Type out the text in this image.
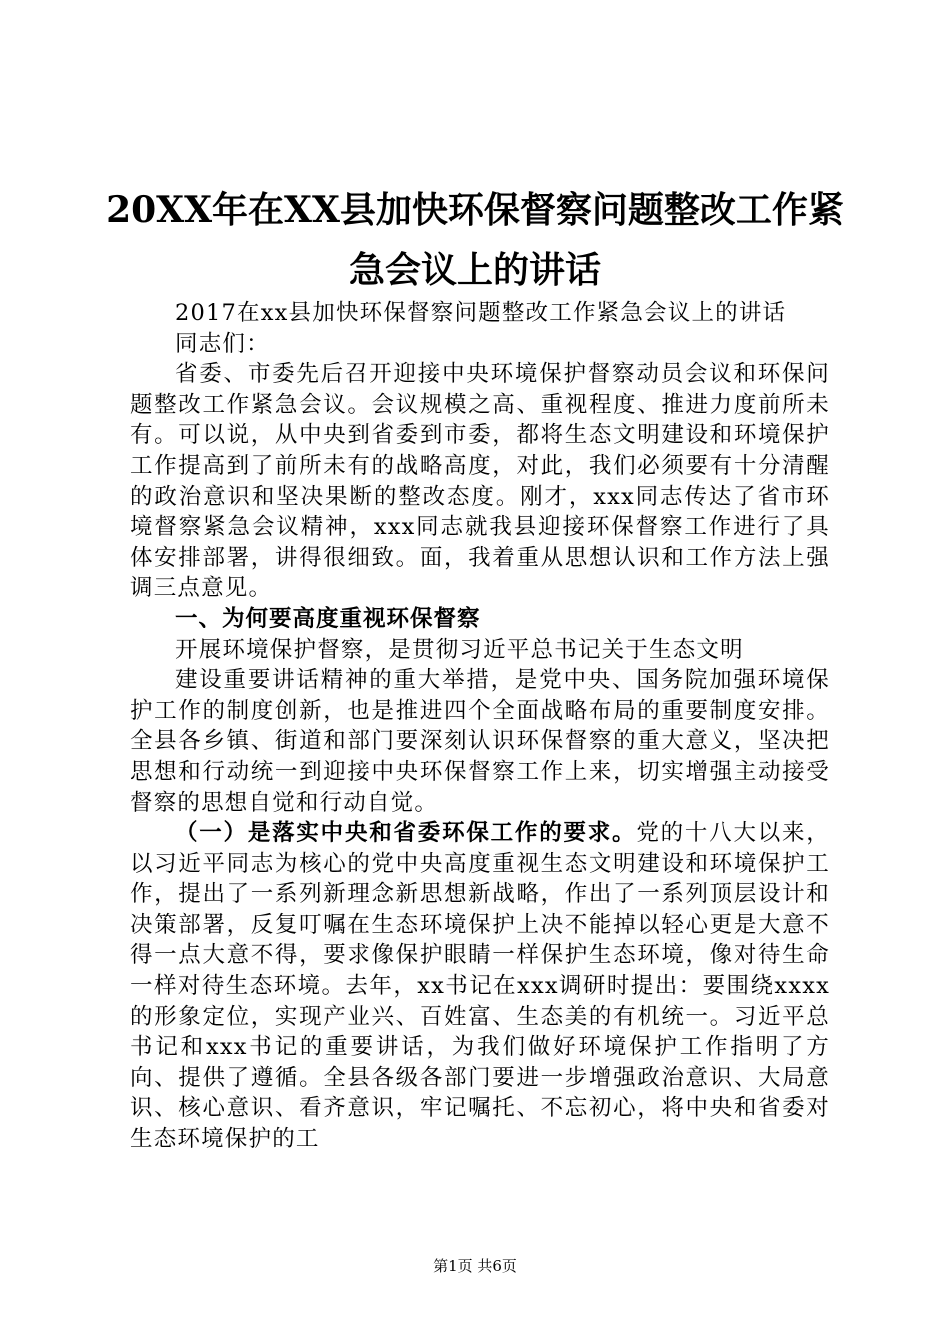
20XX年在XX县加快环保督察问题整改工作紧
急会议上的讲话

2017在xx县加快环保督察问题整改工作紧急会议上的讲话

同志们：

省委、市委先后召开迎接中央环境保护督察动员会议和环保问题整改工作紧急会议。会议规模之高、重视程度、推进力度前所未有。可以说，从中央到省委到市委，都将生态文明建设和环境保护工作提高到了前所未有的战略高度，对此，我们必须要有十分清醒的政治意识和坚决果断的整改态度。刚才，xxx同志传达了省市环境督察紧急会议精神，xxx同志就我县迎接环保督察工作进行了具体安排部署，讲得很细致。面，我着重从思想认识和工作方法上强调三点意见。

一、为何要高度重视环保督察

开展环境保护督察，是贯彻习近平总书记关于生态文明

建设重要讲话精神的重大举措，是党中央、国务院加强环境保护工作的制度创新，也是推进四个全面战略布局的重要制度安排。全县各乡镇、街道和部门要深刻认识环保督察的重大意义，坚决把思想和行动统一到迎接中央环保督察工作上来，切实增强主动接受督察的思想自觉和行动自觉。

（一）是落实中央和省委环保工作的要求。党的十八大以来，以习近平同志为核心的党中央高度重视生态文明建设和环境保护工作，提出了一系列新理念新思想新战略，作出了一系列顶层设计和决策部署，反复叮嘱在生态环境保护上决不能掉以轻心更是大意不得一点大意不得，要求像保护眼睛一样保护生态环境，像对待生命一样对待生态环境。去年，xx书记在xxx调研时提出：要围绕xxxx的形象定位，实现产业兴、百姓富、生态美的有机统一。习近平总书记和xxx书记的重要讲话，为我们做好环境保护工作指明了方向、提供了遵循。全县各级各部门要进一步增强政治意识、大局意识、核心意识、看齐意识，牢记嘱托、不忘初心，将中央和省委对生态环境保护的工

第1页 共6页
